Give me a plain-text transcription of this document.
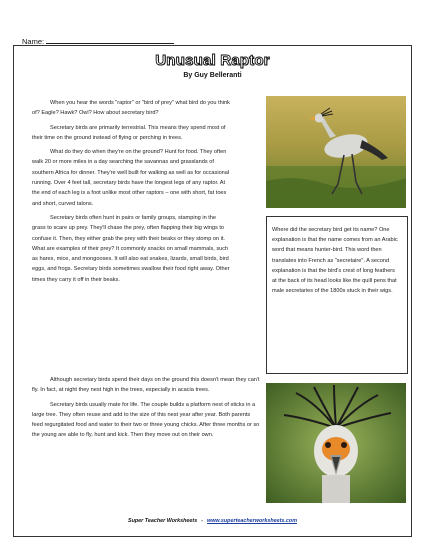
Name:
Unusual Raptor
By Guy Belleranti

When you hear the words "raptor" or "bird of prey" what bird do you think of? Eagle? Hawk? Owl? How about secretary bird?

Secretary birds are primarily terrestrial. This means they spend most of their time on the ground instead of flying or perching in trees.

What do they do when they're on the ground? Hunt for food. They often walk 20 or more miles in a day searching the savannas and grasslands of southern Africa for dinner. They're well built for walking as well as for occasional running. Over 4 feet tall, secretary birds have the longest legs of any raptor. At the end of each leg is a foot unlike most other raptors – one with short, fat toes and short, curved talons.

Secretary birds often hunt in pairs or family groups, stamping in the grass to scare up prey. They'll chase the prey, often flapping their big wings to confuse it. Then, they either grab the prey with their beaks or they stomp on it. What are examples of their prey? It commonly snacks on small mammals, such as hares, mice, and mongooses. It will also eat snakes, lizards, small birds, bird eggs, and frogs. Secretary birds sometimes swallow their food right away. Other times they carry it off in their beaks.

Although secretary birds spend their days on the ground this doesn't mean they can't fly. In fact, at night they nest high in the trees, especially in acacia trees.

Secretary birds usually mate for life. The couple builds a platform nest of sticks in a large tree. They often reuse and add to the size of this nest year after year. Both parents feed regurgitated food and water to their two or three young chicks. After three months or so the young are able to fly, hunt and kick. Then they move out on their own.

Where did the secretary bird get its name? One explanation is that the name comes from an Arabic word that means hunter-bird. This word then translates into French as "secretaire". A second explanation is that the bird's crest of long feathers at the back of its head looks like the quill pens that male secretaries of the 1800s stuck in their wigs.
Super Teacher Worksheets - www.superteacherworksheets.com
